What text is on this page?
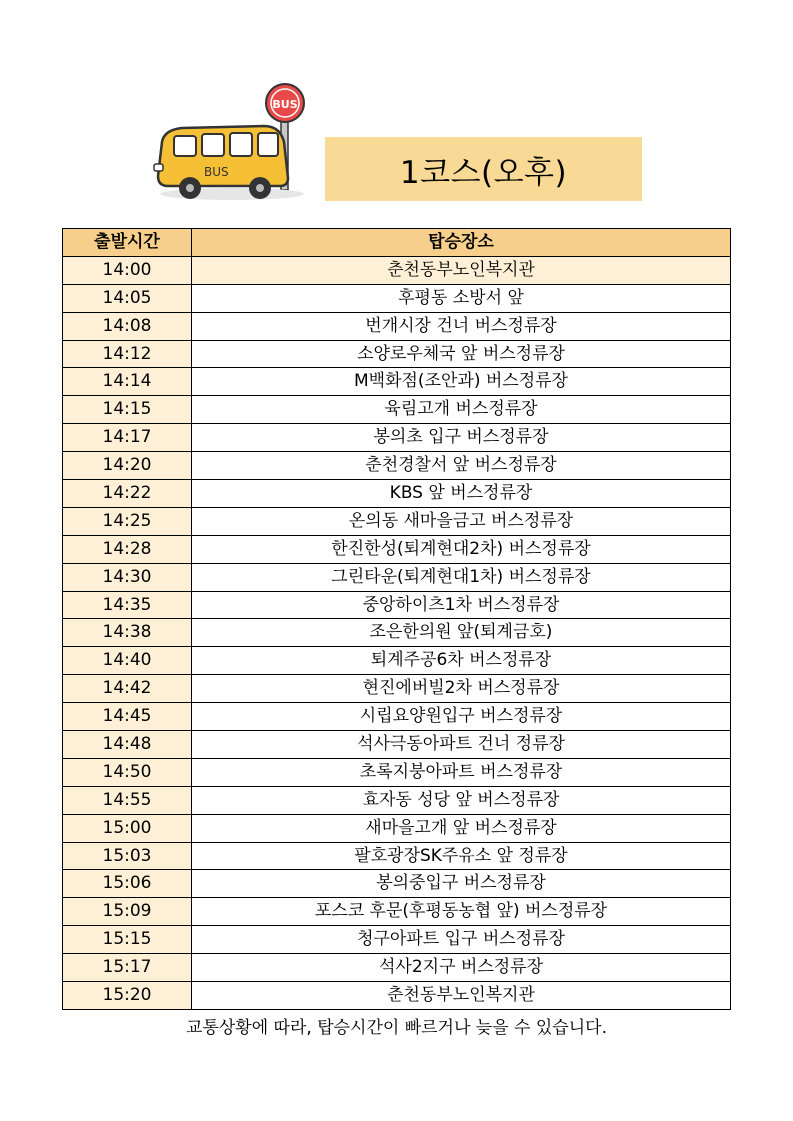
BUS
BUS	1코스(오후)
출발시간	탑승장소
14:00	춘천동부노인복지관
14:05	후평동 소방서 앞
14:08	번개시장 건너 버스정류장
14:12	소양로우체국 앞 버스정류장
14:14	M백화점(조안과) 버스정류장
14:15	육림고개 버스정류장
14:17	봉의초 입구 버스정류장
14:20	춘천경찰서 앞 버스정류장
14:22	KBS 앞 버스정류장
14:25	온의동 새마을금고 버스정류장
14:28	한진한성(퇴계현대2차) 버스정류장
14:30	그린타운(퇴계현대1차) 버스정류장
14:35	중앙하이츠1차 버스정류장
14:38	조은한의원 앞(퇴계금호)
14:40	퇴계주공6차 버스정류장
14:42	현진에버빌2차 버스정류장
14:45	시립요양원입구 버스정류장
14:48	석사극동아파트 건너 정류장
14:50	초록지붕아파트 버스정류장
14:55	효자동 성당 앞 버스정류장
15:00	새마을고개 앞 버스정류장
15:03	팔호광장SK주유소 앞 정류장
15:06	봉의중입구 버스정류장
15:09	포스코 후문(후평동농협 앞) 버스정류장
15:15	청구아파트 입구 버스정류장
15:17	석사2지구 버스정류장
15:20	춘천동부노인복지관
교통상황에 따라, 탑승시간이 빠르거나 늦을 수 있습니다.
